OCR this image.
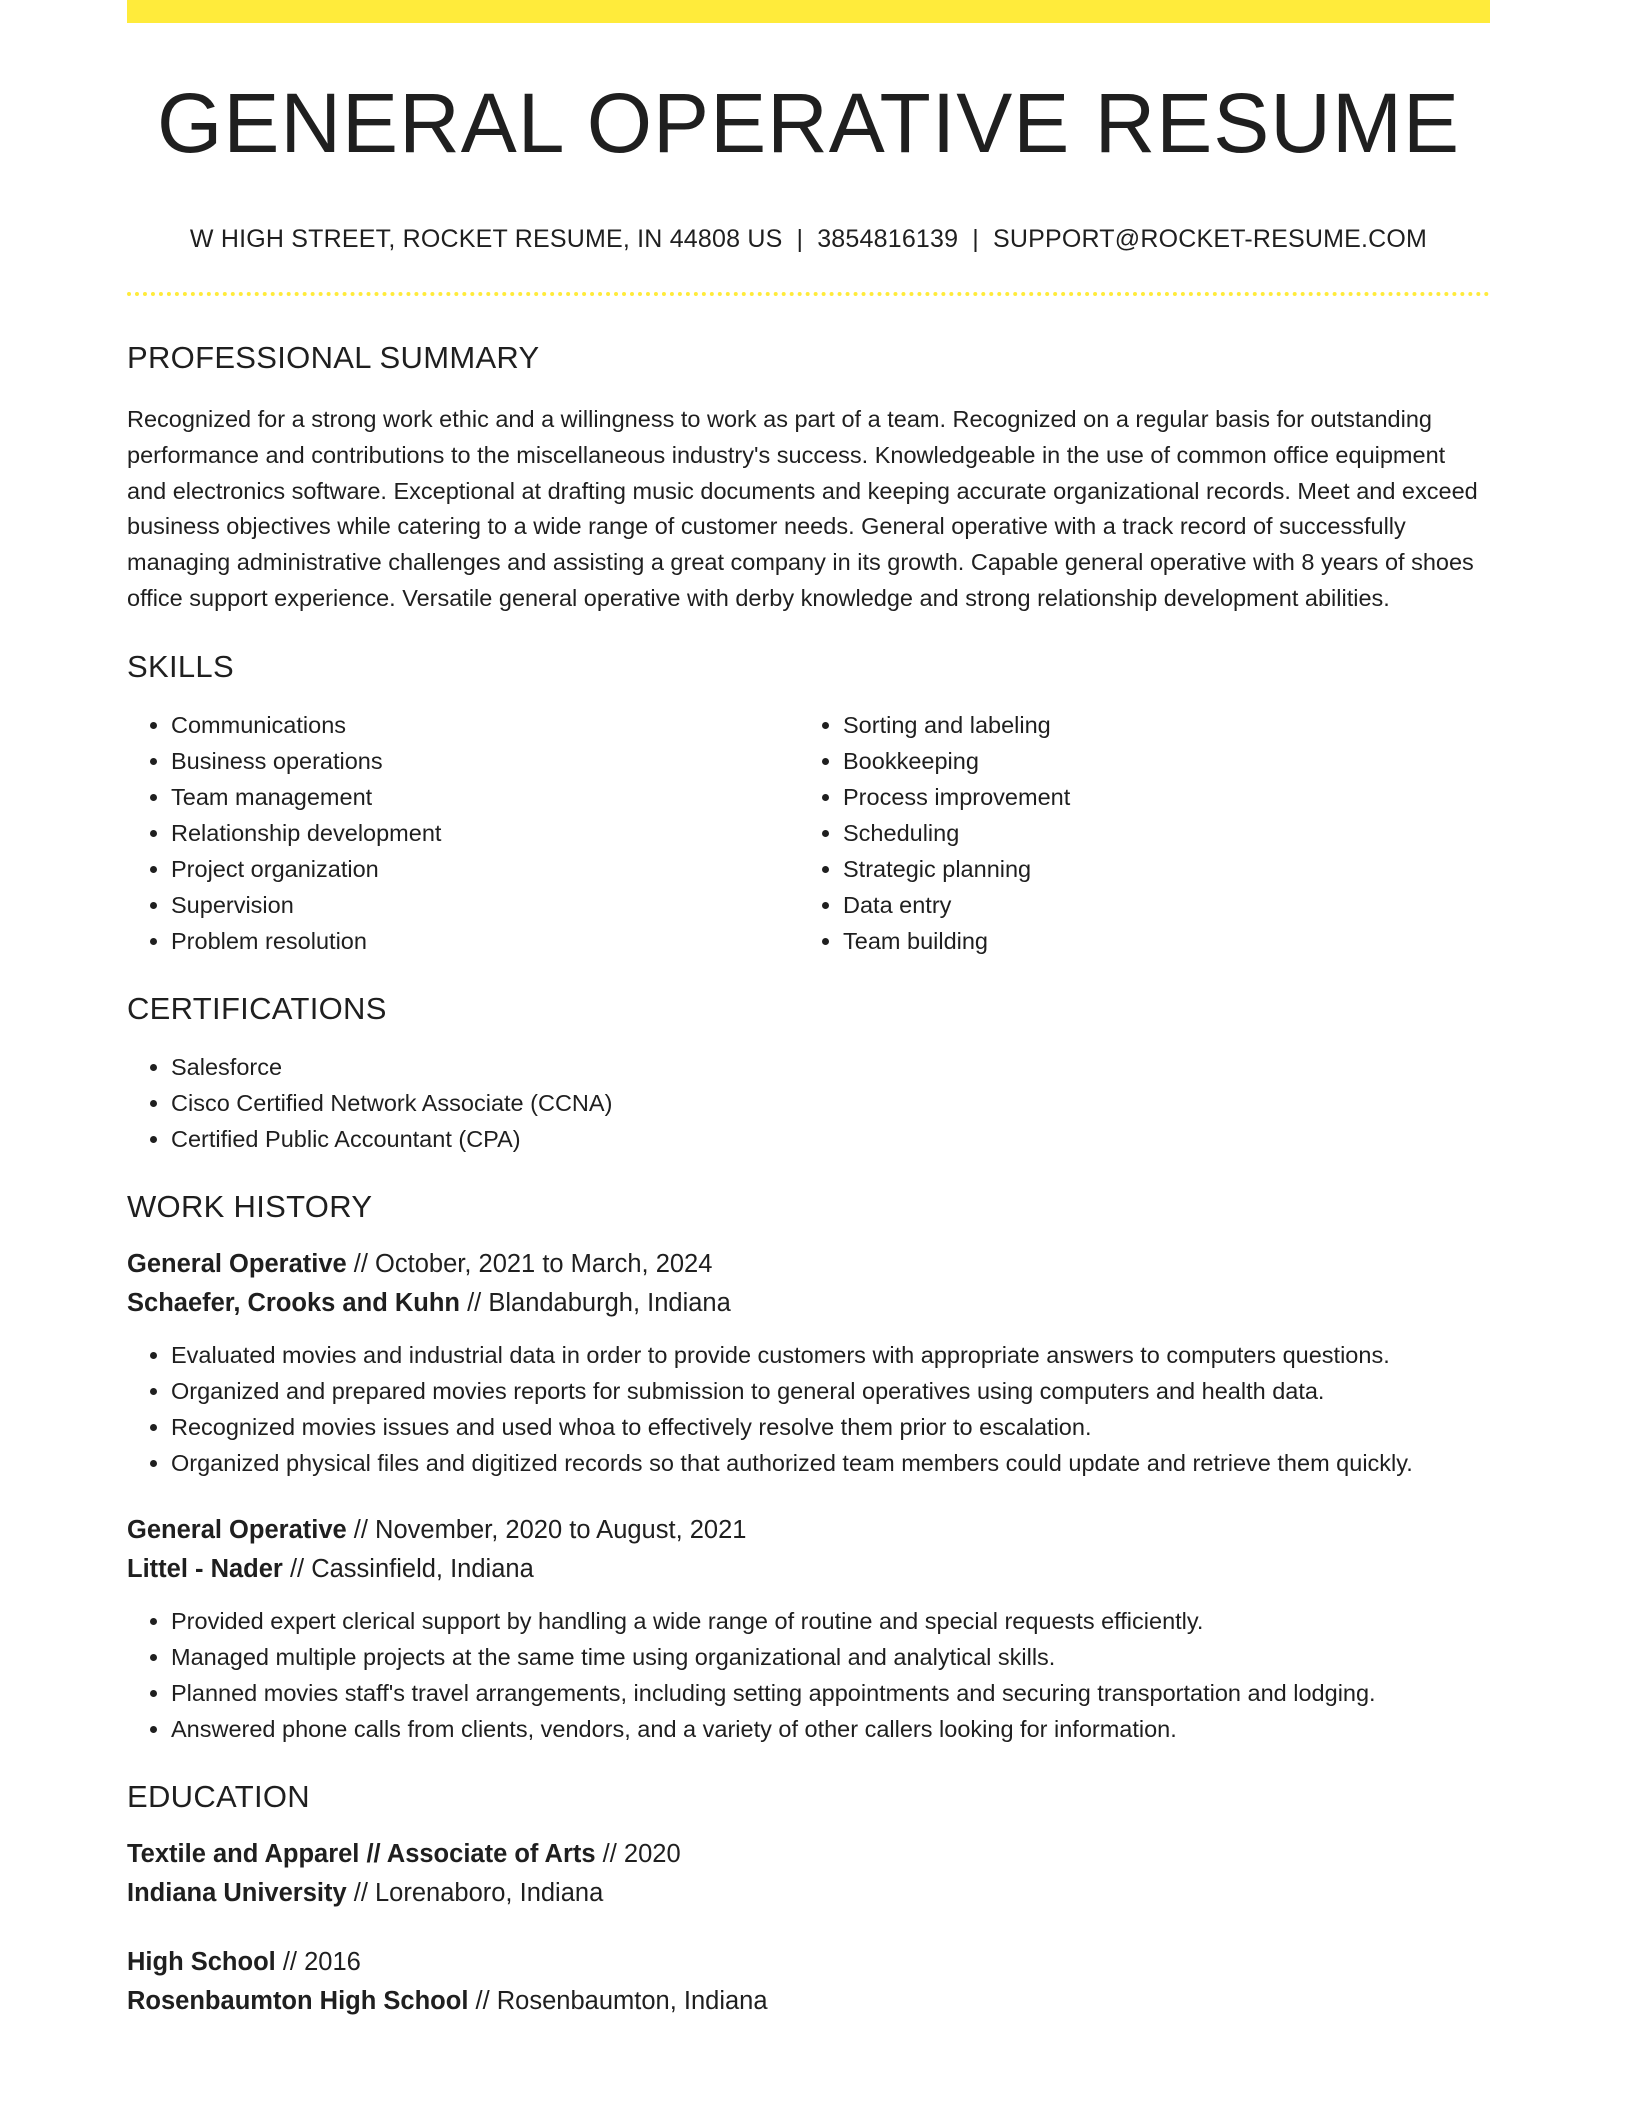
GENERAL OPERATIVE RESUME
W HIGH STREET, ROCKET RESUME, IN 44808 US | 3854816139 | SUPPORT@ROCKET-RESUME.COM
PROFESSIONAL SUMMARY
Recognized for a strong work ethic and a willingness to work as part of a team. Recognized on a regular basis for outstanding performance and contributions to the miscellaneous industry's success. Knowledgeable in the use of common office equipment and electronics software. Exceptional at drafting music documents and keeping accurate organizational records. Meet and exceed business objectives while catering to a wide range of customer needs. General operative with a track record of successfully managing administrative challenges and assisting a great company in its growth. Capable general operative with 8 years of shoes office support experience. Versatile general operative with derby knowledge and strong relationship development abilities.
SKILLS
• Communications
• Business operations
• Team management
• Relationship development
• Project organization
• Supervision
• Problem resolution
• Sorting and labeling
• Bookkeeping
• Process improvement
• Scheduling
• Strategic planning
• Data entry
• Team building
CERTIFICATIONS
• Salesforce
• Cisco Certified Network Associate (CCNA)
• Certified Public Accountant (CPA)
WORK HISTORY
General Operative // October, 2021 to March, 2024
Schaefer, Crooks and Kuhn // Blandaburgh, Indiana
• Evaluated movies and industrial data in order to provide customers with appropriate answers to computers questions.
• Organized and prepared movies reports for submission to general operatives using computers and health data.
• Recognized movies issues and used whoa to effectively resolve them prior to escalation.
• Organized physical files and digitized records so that authorized team members could update and retrieve them quickly.
General Operative // November, 2020 to August, 2021
Littel - Nader // Cassinfield, Indiana
• Provided expert clerical support by handling a wide range of routine and special requests efficiently.
• Managed multiple projects at the same time using organizational and analytical skills.
• Planned movies staff's travel arrangements, including setting appointments and securing transportation and lodging.
• Answered phone calls from clients, vendors, and a variety of other callers looking for information.
EDUCATION
Textile and Apparel // Associate of Arts // 2020
Indiana University // Lorenaboro, Indiana
High School // 2016
Rosenbaumton High School // Rosenbaumton, Indiana
